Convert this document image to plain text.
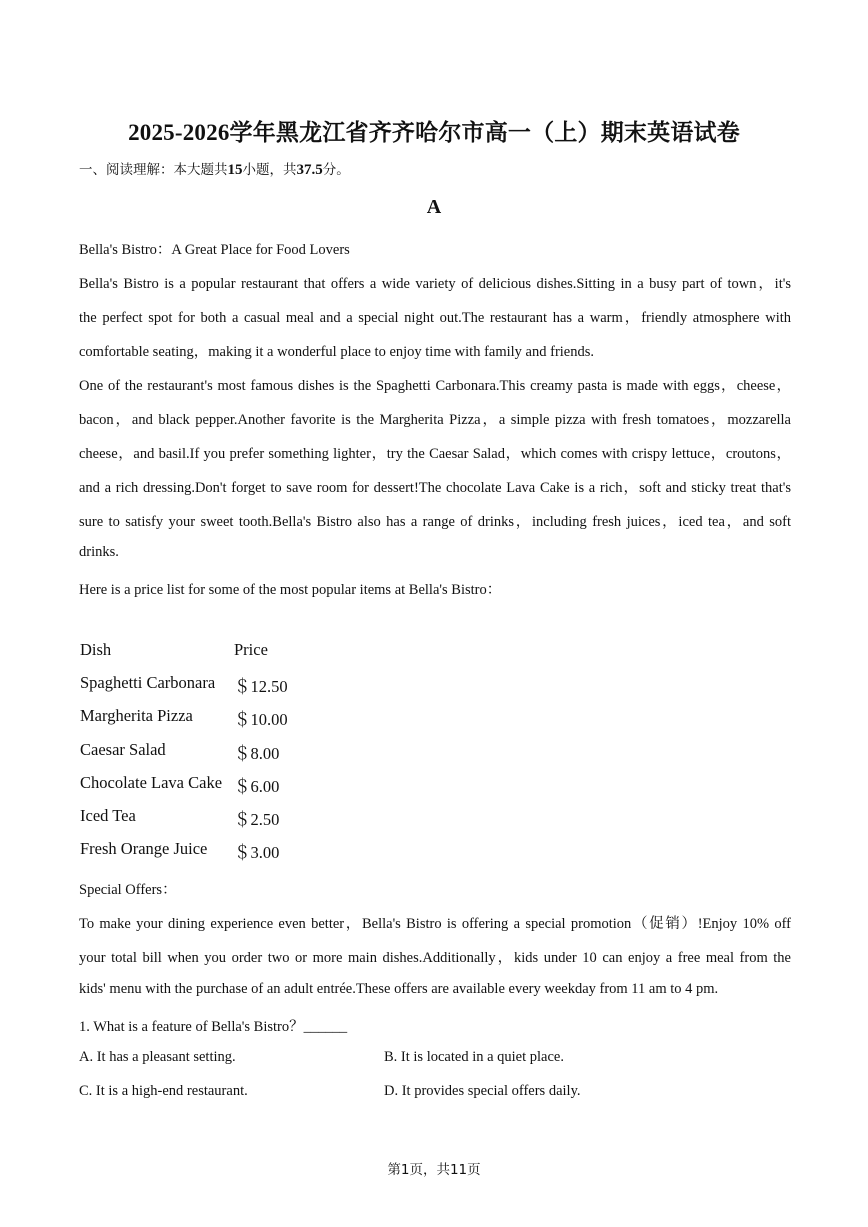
2025-2026学年黑龙江省齐齐哈尔市高一（上）期末英语试卷
一、阅读理解：本大题共15小题，共37.5分。
A
Bella's Bistro：A Great Place for Food Lovers
Bella's Bistro is a popular restaurant that offers a wide variety of delicious dishes.Sitting in a busy part of town，it's
the perfect spot for both a casual meal and a special night out.The restaurant has a warm，friendly atmosphere with
comfortable seating，making it a wonderful place to enjoy time with family and friends.
One of the restaurant's most famous dishes is the Spaghetti Carbonara.This creamy pasta is made with eggs，cheese，
bacon，and black pepper.Another favorite is the Margherita Pizza，a simple pizza with fresh tomatoes，mozzarella
cheese，and basil.If you prefer something lighter，try the Caesar Salad，which comes with crispy lettuce，croutons，
and a rich dressing.Don't forget to save room for dessert!The chocolate Lava Cake is a rich，soft and sticky treat that's
sure to satisfy your sweet tooth.Bella's Bistro also has a range of drinks，including fresh juices，iced tea，and soft
drinks.
Here is a price list for some of the most popular items at Bella's Bistro：
Dish	Price
Spaghetti Carbonara ＄12.50
Margherita Pizza ＄10.00
Caesar Salad	＄8.00
Chocolate Lava Cake ＄6.00
Iced Tea	＄2.50
Fresh Orange Juice ＄3.00
Special Offers：
To make your dining experience even better，Bella's Bistro is offering a special promotion（促销）!Enjoy 10% off
your total bill when you order two or more main dishes.Additionally，kids under 10 can enjoy a free meal from the
kids' menu with the purchase of an adult entrée.These offers are available every weekday from 11 am to 4 pm.
1. What is a feature of Bella's Bistro？______
A. It has a pleasant setting.	B. It is located in a quiet place.
C. It is a high-end restaurant.	D. It provides special offers daily.
第1页，共11页
